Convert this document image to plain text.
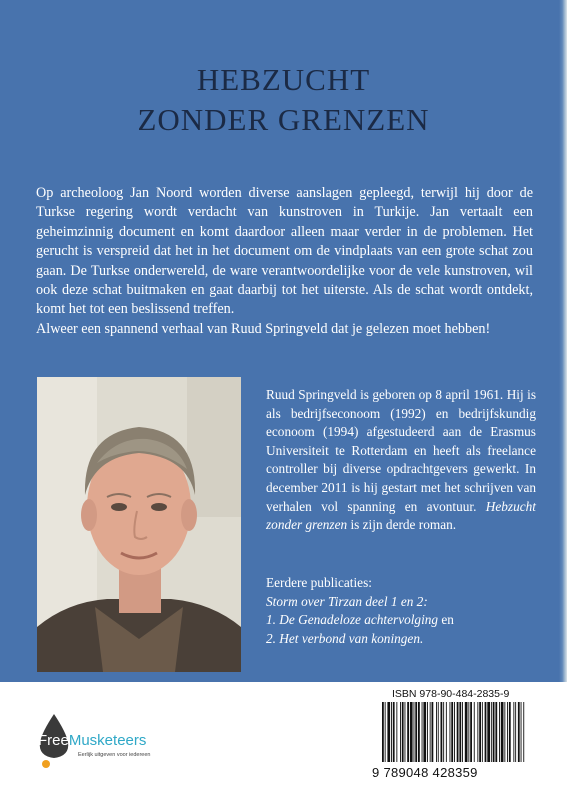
HEBZUCHT
ZONDER GRENZEN

Op archeoloog Jan Noord worden diverse aanslagen gepleegd, terwijl hij door de Turkse regering wordt verdacht van kunstroven in Turkije. Jan vertaalt een geheimzinnig document en komt daardoor alleen maar verder in de problemen. Het gerucht is verspreid dat het in het document om de vindplaats van een grote schat zou gaan. De Turkse onderwereld, de ware verantwoordelijke voor de vele kunstroven, wil ook deze schat buitmaken en gaat daarbij tot het uiterste. Als de schat wordt ontdekt, komt het tot een beslissend treffen.

Alweer een spannend verhaal van Ruud Springveld dat je gelezen moet hebben!

Ruud Springveld is geboren op 8 april 1961. Hij is als bedrijfseconoom (1992) en bedrijfskundig econoom (1994) afgestudeerd aan de Erasmus Universiteit te Rotterdam en heeft als freelance controller bij diverse opdrachtgevers gewerkt. In december 2011 is hij gestart met het schrijven van verhalen vol spanning en avontuur. Hebzucht zonder grenzen is zijn derde roman.

Eerdere publicaties:
Storm over Tirzan deel 1 en 2:
1. De Genadeloze achtervolging en
2. Het verbond van koningen.
FreeMusketeers
Eerlijk uitgeven voor iedereen
ISBN 978-90-484-2835-9
9 789048 428359
